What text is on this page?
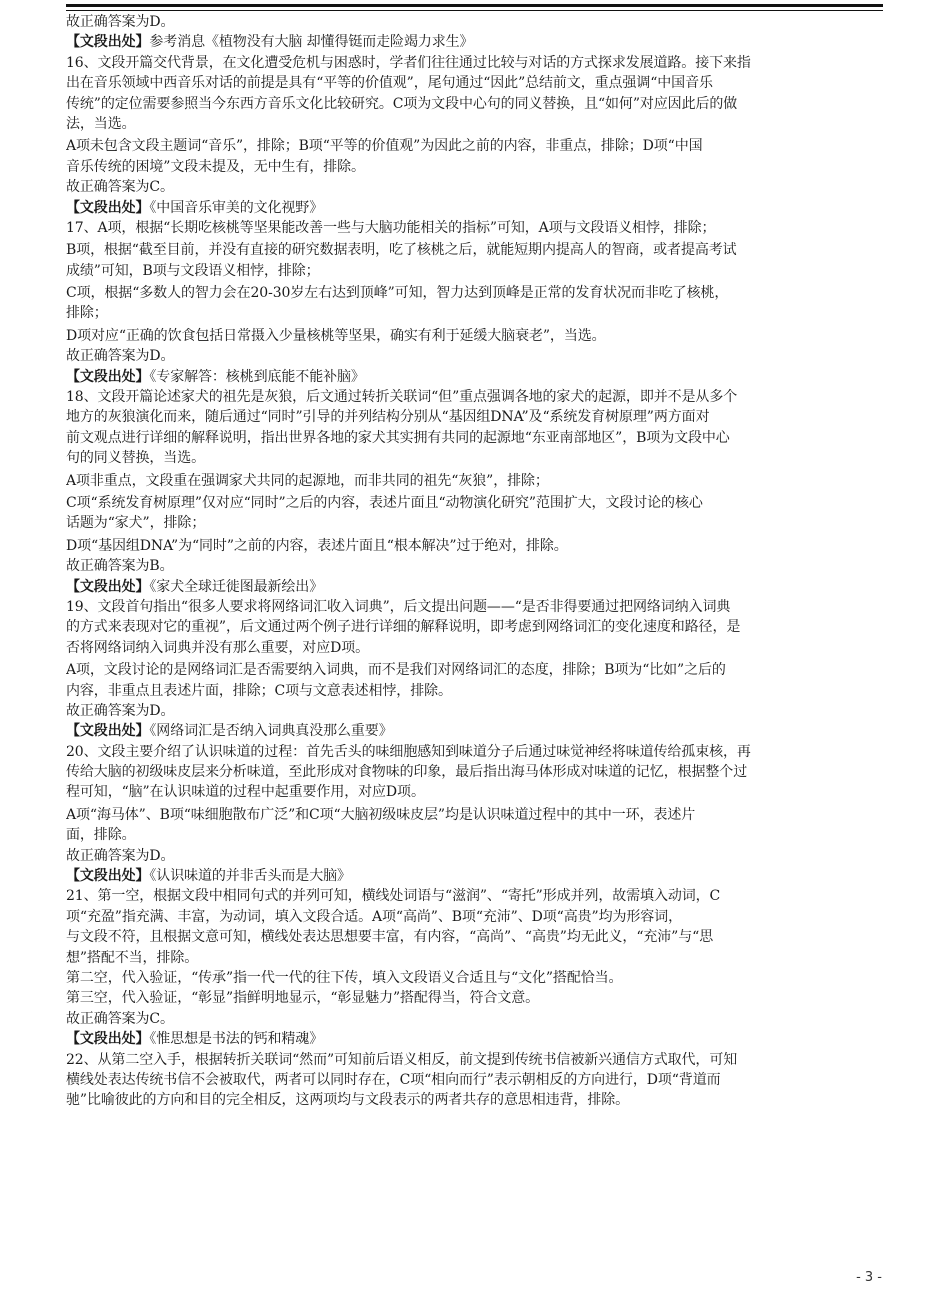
故正确答案为D。
【文段出处】参考消息《植物没有大脑 却懂得铤而走险竭力求生》
16、文段开篇交代背景，在文化遭受危机与困惑时，学者们往往通过比较与对话的方式探求发展道路。接下来指
出在音乐领域中西音乐对话的前提是具有“平等的价值观”，尾句通过“因此”总结前文，重点强调“中国音乐
传统”的定位需要参照当今东西方音乐文化比较研究。C项为文段中心句的同义替换，且“如何”对应因此后的做
法，当选。
A项未包含文段主题词“音乐”，排除；B项“平等的价值观”为因此之前的内容，非重点，排除；D项“中国
音乐传统的困境”文段未提及，无中生有，排除。
故正确答案为C。
【文段出处】《中国音乐审美的文化视野》
17、A项，根据“长期吃核桃等坚果能改善一些与大脑功能相关的指标”可知，A项与文段语义相悖，排除；
B项，根据“截至目前，并没有直接的研究数据表明，吃了核桃之后，就能短期内提高人的智商，或者提高考试
成绩”可知，B项与文段语义相悖，排除；
C项，根据“多数人的智力会在20-30岁左右达到顶峰”可知，智力达到顶峰是正常的发育状况而非吃了核桃，
排除；
D项对应“正确的饮食包括日常摄入少量核桃等坚果，确实有利于延缓大脑衰老”，当选。
故正确答案为D。
【文段出处】《专家解答：核桃到底能不能补脑》
18、文段开篇论述家犬的祖先是灰狼，后文通过转折关联词“但”重点强调各地的家犬的起源，即并不是从多个
地方的灰狼演化而来，随后通过“同时”引导的并列结构分别从“基因组DNA”及“系统发育树原理”两方面对
前文观点进行详细的解释说明，指出世界各地的家犬其实拥有共同的起源地“东亚南部地区”，B项为文段中心
句的同义替换，当选。
A项非重点，文段重在强调家犬共同的起源地，而非共同的祖先“灰狼”，排除；
C项“系统发育树原理”仅对应“同时”之后的内容，表述片面且“动物演化研究”范围扩大，文段讨论的核心
话题为“家犬”，排除；
D项“基因组DNA”为“同时”之前的内容，表述片面且“根本解决”过于绝对，排除。
故正确答案为B。
【文段出处】《家犬全球迁徙图最新绘出》
19、文段首句指出“很多人要求将网络词汇收入词典”，后文提出问题——“是否非得要通过把网络词纳入词典
的方式来表现对它的重视”，后文通过两个例子进行详细的解释说明，即考虑到网络词汇的变化速度和路径，是
否将网络词纳入词典并没有那么重要，对应D项。
A项，文段讨论的是网络词汇是否需要纳入词典，而不是我们对网络词汇的态度，排除；B项为“比如”之后的
内容，非重点且表述片面，排除；C项与文意表述相悖，排除。
故正确答案为D。
【文段出处】《网络词汇是否纳入词典真没那么重要》
20、文段主要介绍了认识味道的过程：首先舌头的味细胞感知到味道分子后通过味觉神经将味道传给孤束核，再
传给大脑的初级味皮层来分析味道，至此形成对食物味的印象，最后指出海马体形成对味道的记忆，根据整个过
程可知，“脑”在认识味道的过程中起重要作用，对应D项。
A项“海马体”、B项“味细胞散布广泛”和C项“大脑初级味皮层”均是认识味道过程中的其中一环，表述片
面，排除。
故正确答案为D。
【文段出处】《认识味道的并非舌头而是大脑》
21、第一空，根据文段中相同句式的并列可知，横线处词语与“滋润”、“寄托”形成并列，故需填入动词，C
项“充盈”指充满、丰富，为动词，填入文段合适。A项“高尚”、B项“充沛”、D项“高贵”均为形容词，
与文段不符，且根据文意可知，横线处表达思想要丰富，有内容，“高尚”、“高贵”均无此义，“充沛”与“思
想”搭配不当，排除。
第二空，代入验证，“传承”指一代一代的往下传，填入文段语义合适且与“文化”搭配恰当。
第三空，代入验证，“彰显”指鲜明地显示，“彰显魅力”搭配得当，符合文意。
故正确答案为C。
【文段出处】《惟思想是书法的钙和精魂》
22、从第二空入手，根据转折关联词“然而”可知前后语义相反，前文提到传统书信被新兴通信方式取代，可知
横线处表达传统书信不会被取代，两者可以同时存在，C项“相向而行”表示朝相反的方向进行，D项“背道而
驰”比喻彼此的方向和目的完全相反，这两项均与文段表示的两者共存的意思相违背，排除。
- 3 -
